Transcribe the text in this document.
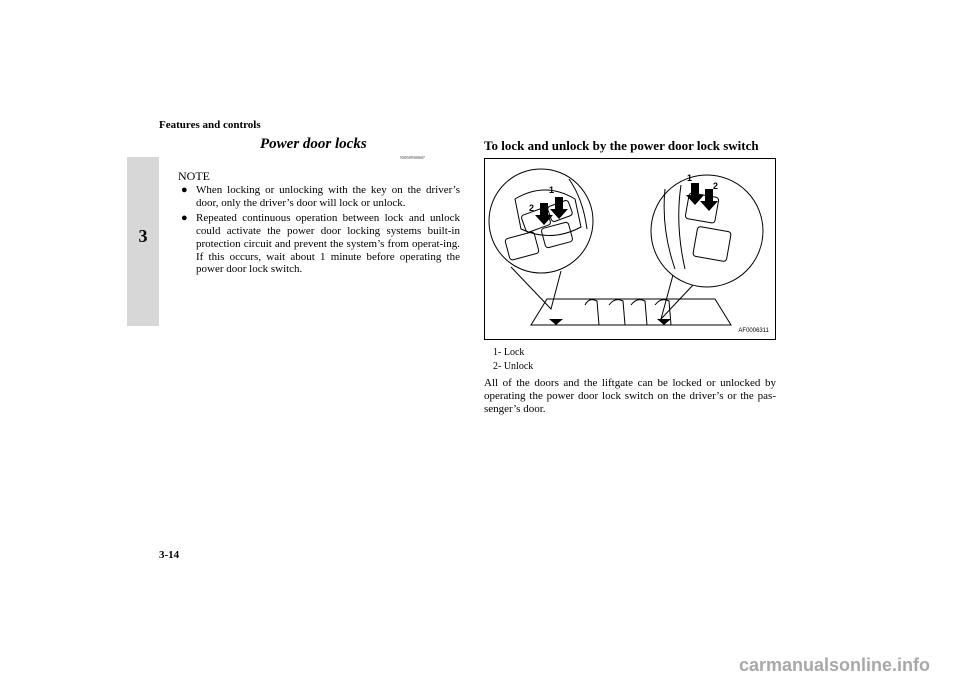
Features and controls
3
Power door locks
N00509300607
NOTE
● When locking or unlocking with the key on the driver’s door, only the driver’s door will lock or unlock.
● Repeated continuous operation between lock and unlock could activate the power door locking systems built-in protection circuit and prevent the system’s from operat-ing. If this occurs, wait about 1 minute before operating the power door lock switch.
To lock and unlock by the power door lock switch
2
1
1
2
AF0006311
1- Lock
2- Unlock
All of the doors and the liftgate can be locked or unlocked by operating the power door lock switch on the driver’s or the pas-senger’s door.
3-14
carmanualsonline.info
